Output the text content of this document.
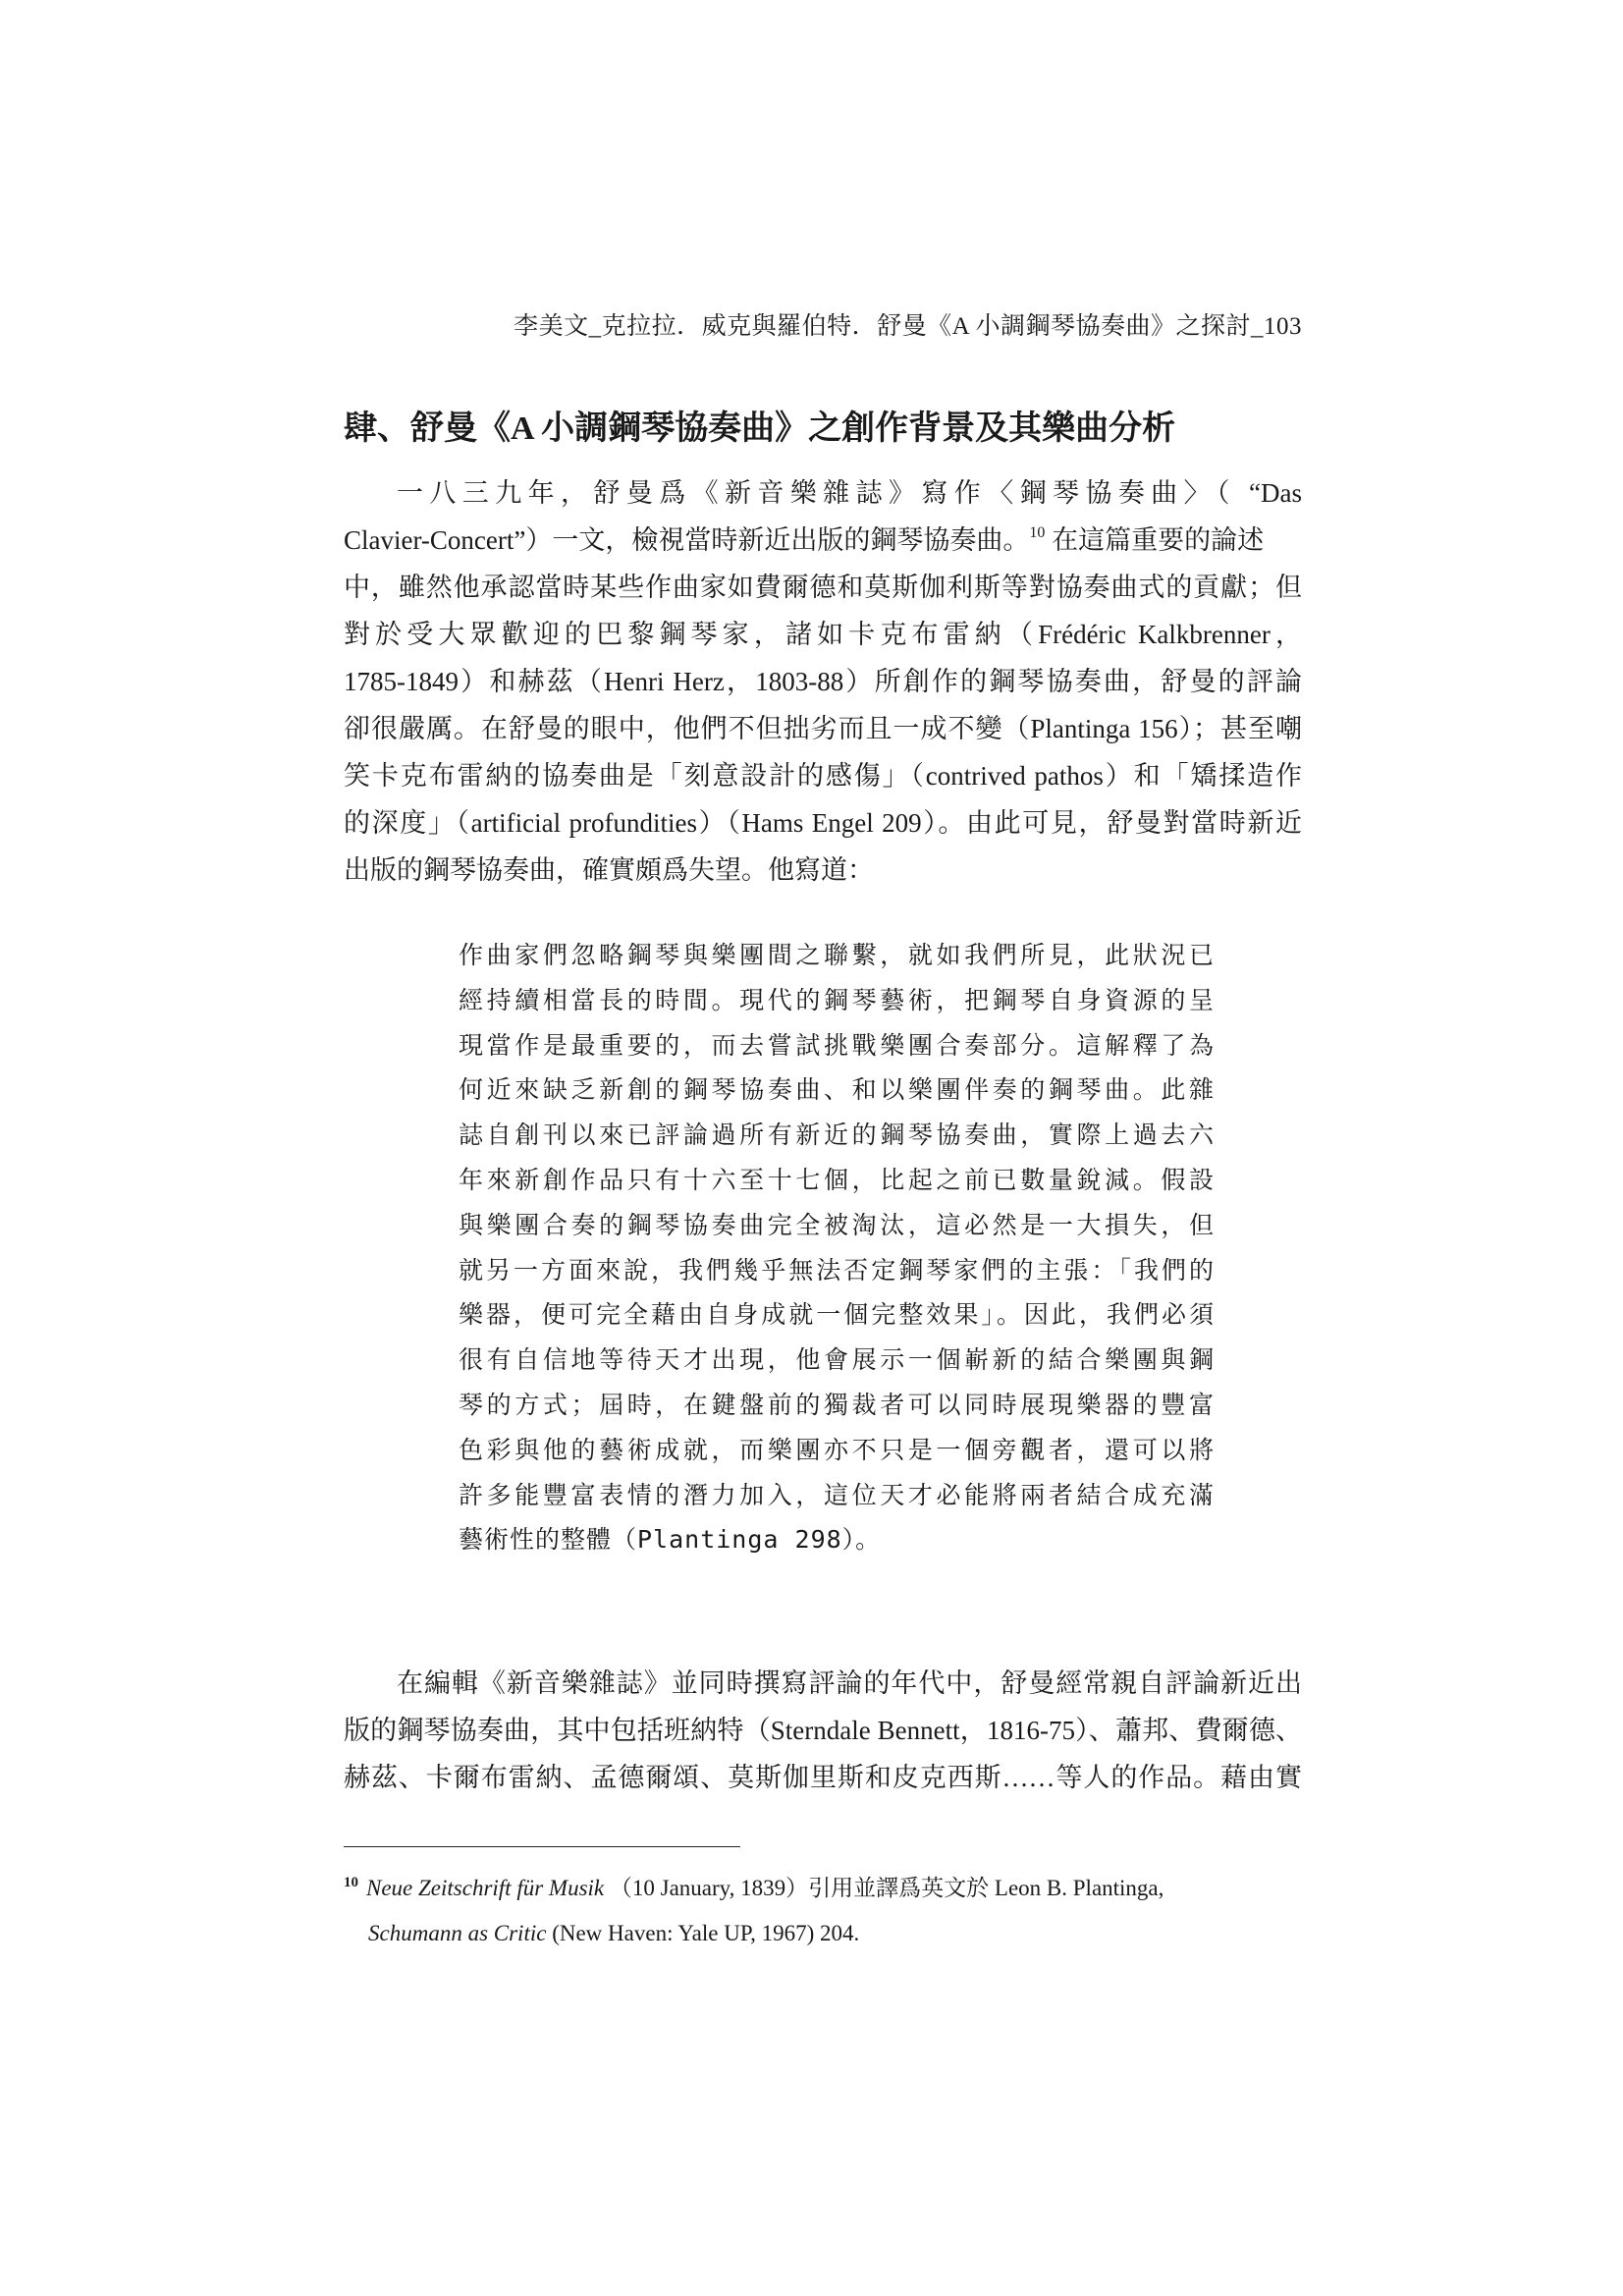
李美文_克拉拉．威克與羅伯特．舒曼《A 小調鋼琴協奏曲》之探討_103
肆、舒曼《A 小調鋼琴協奏曲》之創作背景及其樂曲分析
一八三九年，舒曼爲《新音樂雜誌》寫作〈鋼琴協奏曲〉（ “Das
Clavier-Concert”）一文，檢視當時新近出版的鋼琴協奏曲。$^{10}$ 在這篇重要的論述
中，雖然他承認當時某些作曲家如費爾德和莫斯伽利斯等對協奏曲式的貢獻；但
對於受大眾歡迎的巴黎鋼琴家，諸如卡克布雷納（Frédéric Kalkbrenner，
1785-1849）和赫茲（Henri Herz，1803-88）所創作的鋼琴協奏曲，舒曼的評論
卻很嚴厲。在舒曼的眼中，他們不但拙劣而且一成不變（Plantinga 156）；甚至嘲
笑卡克布雷納的協奏曲是「刻意設計的感傷」（contrived pathos）和「矯揉造作
的深度」（artificial profundities）（Hams Engel 209）。由此可見，舒曼對當時新近
出版的鋼琴協奏曲，確實頗爲失望。他寫道：
作曲家們忽略鋼琴與樂團間之聯繫，就如我們所見，此狀況已
經持續相當長的時間。現代的鋼琴藝術，把鋼琴自身資源的呈
現當作是最重要的，而去嘗試挑戰樂團合奏部分。這解釋了為
何近來缺乏新創的鋼琴協奏曲、和以樂團伴奏的鋼琴曲。此雜
誌自創刊以來已評論過所有新近的鋼琴協奏曲，實際上過去六
年來新創作品只有十六至十七個，比起之前已數量銳減。假設
與樂團合奏的鋼琴協奏曲完全被淘汰，這必然是一大損失，但
就另一方面來說，我們幾乎無法否定鋼琴家們的主張：「我們的
樂器，便可完全藉由自身成就一個完整效果」。因此，我們必須
很有自信地等待天才出現，他會展示一個嶄新的結合樂團與鋼
琴的方式；屆時，在鍵盤前的獨裁者可以同時展現樂器的豐富
色彩與他的藝術成就，而樂團亦不只是一個旁觀者，還可以將
許多能豐富表情的潛力加入，這位天才必能將兩者結合成充滿
藝術性的整體（Plantinga 298）。
在編輯《新音樂雜誌》並同時撰寫評論的年代中，舒曼經常親自評論新近出
版的鋼琴協奏曲，其中包括班納特（Sterndale Bennett，1816-75）、蕭邦、費爾德、
赫茲、卡爾布雷納、孟德爾頌、莫斯伽里斯和皮克西斯……等人的作品。藉由實
$^{10}$ Neue Zeitschrift für Musik （10 January, 1839）引用並譯爲英文於 Leon B. Plantinga,
Schumann as Critic (New Haven: Yale UP, 1967) 204.
